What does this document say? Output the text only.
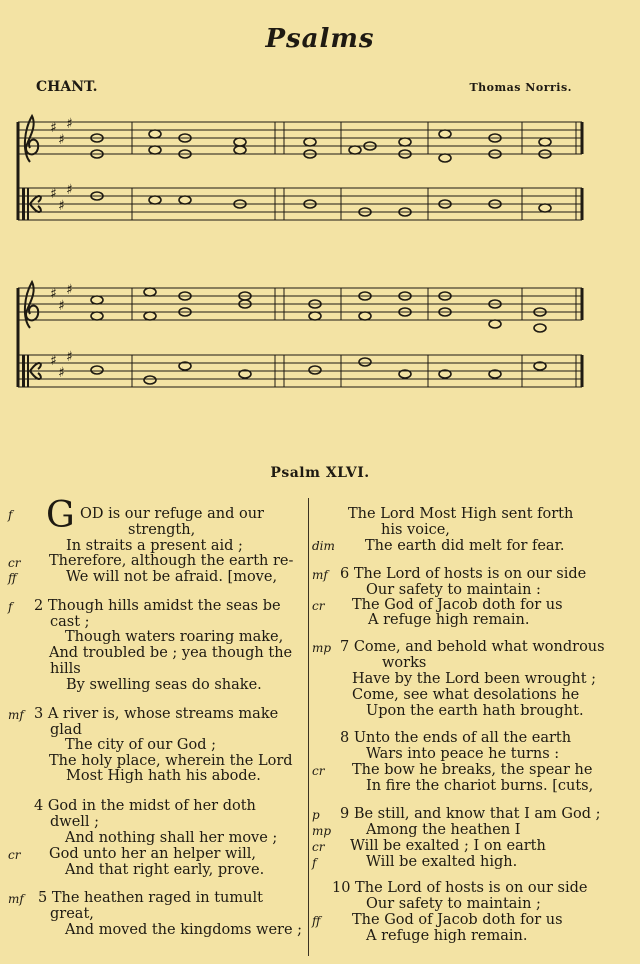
Psalms
CHANT.	Thomas Norris.
♯
♯
♯
♯
♯
♯
♯
♯
♯
♯
♯
♯
Psalm XLVI.
G OD is our refuge and our
strength,
In straits a present aid ;
Therefore, although the earth re-
We will not be afraid. [move,
2 Though hills amidst the seas be
cast ;
Though waters roaring make,
And troubled be ; yea though the
hills
By swelling seas do shake.
3 A river is, whose streams make
glad
The city of our God ;
The holy place, wherein the Lord
Most High hath his abode.
4 God in the midst of her doth
dwell ;
And nothing shall her move ;
God unto her an helper will,
And that right early, prove.
5 The heathen raged in tumult
great,
And moved the kingdoms were ;
f
cr
ff
f
mf
cr
mf
The Lord Most High sent forth
his voice,
The earth did melt for fear.
6 The Lord of hosts is on our side
Our safety to maintain :
The God of Jacob doth for us
A refuge high remain.
7 Come, and behold what wondrous
works
Have by the Lord been wrought ;
Come, see what desolations he
Upon the earth hath brought.
8 Unto the ends of all the earth
Wars into peace he turns :
The bow he breaks, the spear he
In fire the chariot burns. [cuts,
9 Be still, and know that I am God ;
Among the heathen I
Will be exalted ; I on earth
Will be exalted high.
10 The Lord of hosts is on our side
Our safety to maintain ;
The God of Jacob doth for us
A refuge high remain.
dim
mf
cr
mp
cr
p
mp
cr
f
ff
